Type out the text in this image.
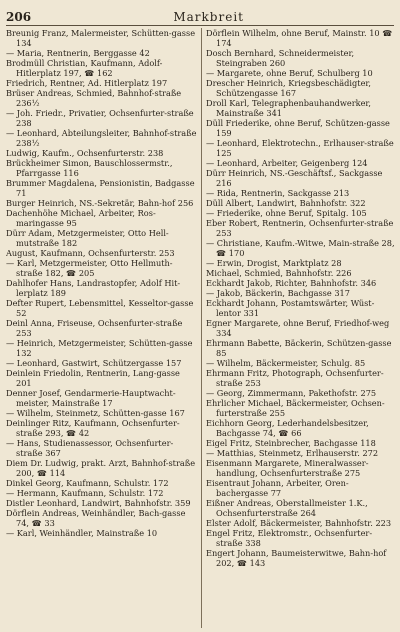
206	Markbreit

Breunig Franz, Malermeister, Schütten-gasse 134

— Maria, Rentnerin, Berggasse 42

Brodmüll Christian, Kaufmann, Adolf-Hitlerplatz 197, ☎ 162

Friedrich, Rentner, Ad. Hitlerplatz 197

Brüser Andreas, Schmied, Bahnhof-straße 236½

— Joh. Friedr., Privatier, Ochsenfurter-straße 238

— Leonhard, Abteilungsleiter, Bahnhof-straße 238½

Ludwig, Kaufm., Ochsenfurterstr. 238

Brückheimer Simon, Bauschlossermstr., Pfarrgasse 116

Brummer Magdalena, Pensionistin, Badgasse 71

Burger Heinrich, NS.-Sekretär, Bahn-hof 256

Dachenhöhe Michael, Arbeiter, Ros-maringasse 95

Dürr Adam, Metzgermeister, Otto Hell-mutstraße 182

August, Kaufmann, Ochsenfurterstr. 253

— Karl, Metzgermeister, Otto Hellmuth-straße 182, ☎ 205

Dahlhofer Hans, Landrastopfer, Adolf Hit-lerplatz 189

Defter Rupert, Lebensmittel, Kesseltor-gasse 52

Deinl Anna, Friseuse, Ochsenfurter-straße 253

— Heinrich, Metzgermeister, Schütten-gasse 132

— Leonhard, Gastwirt, Schützergasse 157

Deinlein Friedolin, Rentnerin, Lang-gasse 201

Denner Josef, Gendarmerie-Hauptwacht-meister, Mainstraße 17

— Wilhelm, Steinmetz, Schütten-gasse 167

Deinlinger Ritz, Kaufmann, Ochsenfurter-straße 293, ☎ 42

— Hans, Studienassessor, Ochsenfurter-straße 367

Diem Dr. Ludwig, prakt. Arzt, Bahnhof-straße 200, ☎ 114

Dinkel Georg, Kaufmann, Schulstr. 172

— Hermann, Kaufmann, Schulstr. 172

Distler Leonhard, Landwirt, Bahnhofstr. 359

Dörflein Andreas, Weinhändler, Bach-gasse 74, ☎ 33

— Karl, Weinhändler, Mainstraße 10

Dörflein Wilhelm, ohne Beruf, Mainstr. 10 ☎ 174

Dosch Bernhard, Schneidermeister, Steingraben 260

— Margarete, ohne Beruf, Schulberg 10

Drescher Heinrich, Kriegsbeschädigter, Schützengasse 167

Droll Karl, Telegraphenbauhandwerker, Mainstraße 341

Düll Friederike, ohne Beruf, Schützen-gasse 159

— Leonhard, Elektrotechn., Erlhauser-straße 125

— Leonhard, Arbeiter, Geigenberg 124

Dürr Heinrich, NS.-Geschäftsf., Sackgasse 216

— Rida, Rentnerin, Sackgasse 213

Düll Albert, Landwirt, Bahnhofstr. 322

— Friederike, ohne Beruf, Spitalg. 105

Eber Robert, Rentnerin, Ochsenfurter-straße 253

— Christiane, Kaufm.-Witwe, Main-straße 28, ☎ 170

— Erwin, Drogist, Marktplatz 28

Michael, Schmied, Bahnhofstr. 226

Eckhardt Jakob, Richter, Bahnhofstr. 346

— Jakob, Bäckerin, Bachgasse 317

Eckhardt Johann, Postamtswärter, Wüst-lentor 331

Egner Margarete, ohne Beruf, Friedhof-weg 334

Ehrmann Babette, Bäckerin, Schützen-gasse 85

— Wilhelm, Bäckermeister, Schulg. 85

Ehrmann Fritz, Photograph, Ochsenfurter-straße 253

— Georg, Zimmermann, Pakethofstr. 275

Ehrlicher Michael, Bäckermeister, Ochsen-furterstraße 255

Eichhorn Georg, Lederhandelsbesitzer, Bachgasse 74, ☎ 66

Eigel Fritz, Steinbrecher, Bachgasse 118

— Matthias, Steinmetz, Erlhauserstr. 272

Eisenmann Margarete, Mineralwasser-handlung, Ochsenfurterstraße 275

Eisentraut Johann, Arbeiter, Oren-bachergasse 77

Eißner Andreas, Oberstallmeister 1.K., Ochsenfurterstraße 264

Elster Adolf, Bäckermeister, Bahnhofstr. 223

Engel Fritz, Elektromstr., Ochsenfurter-straße 338

Engert Johann, Baumeisterwitwe, Bahn-hof 202, ☎ 143
